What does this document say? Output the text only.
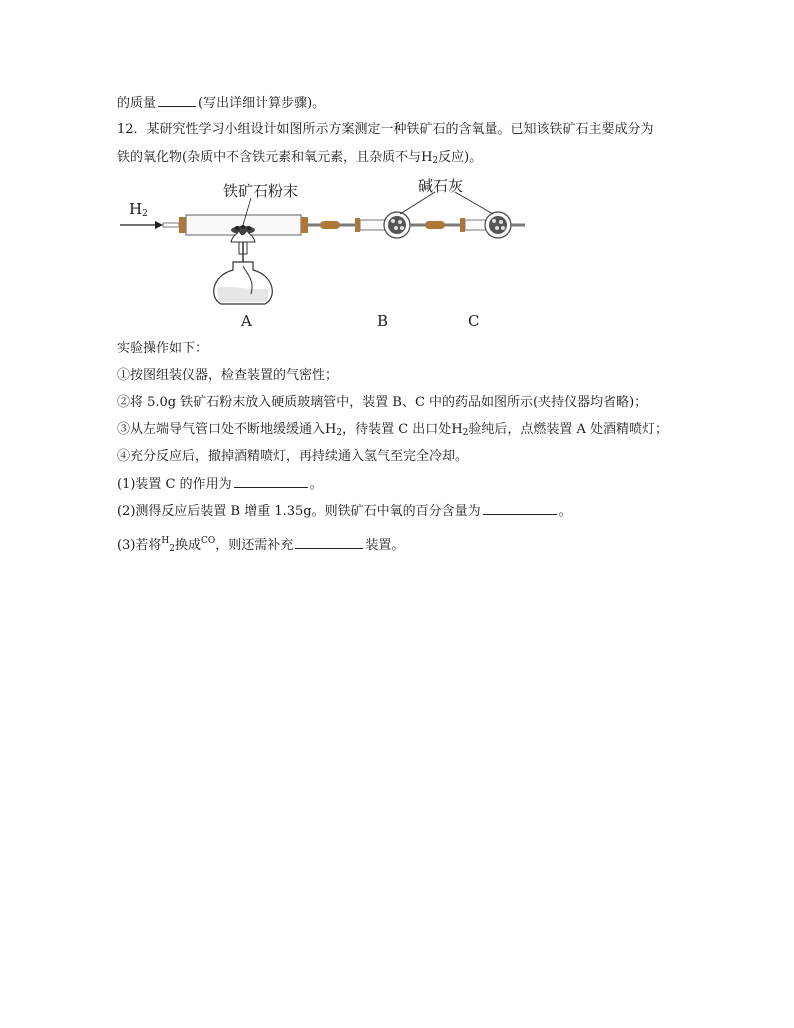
的质量	(写出详细计算步骤)。
12．某研究性学习小组设计如图所示方案测定一种铁矿石的含氧量。已知该铁矿石主要成分为
铁的氧化物(杂质中不含铁元素和氧元素，且杂质不与$H_2$反应)。
$H_2$
铁矿石粉末	碱石灰
A	B	C
实验操作如下：
①按图组装仪器，检查装置的气密性；
②将 5.0g 铁矿石粉末放入硬质玻璃管中，装置 B、C 中的药品如图所示(夹持仪器均省略)；
③从左端导气管口处不断地缓缓通入$H_2$，待装置 C 出口处$H_2$验纯后，点燃装置 A 处酒精喷灯；
④充分反应后，撤掉酒精喷灯，再持续通入氢气至完全冷却。
(1)装置 C 的作用为	。
(2)测得反应后装置 B 增重 1.35g。则铁矿石中氧的百分含量为	。
(3)若将$^H_2$换成$^{CO}$，则还需补充	装置。
